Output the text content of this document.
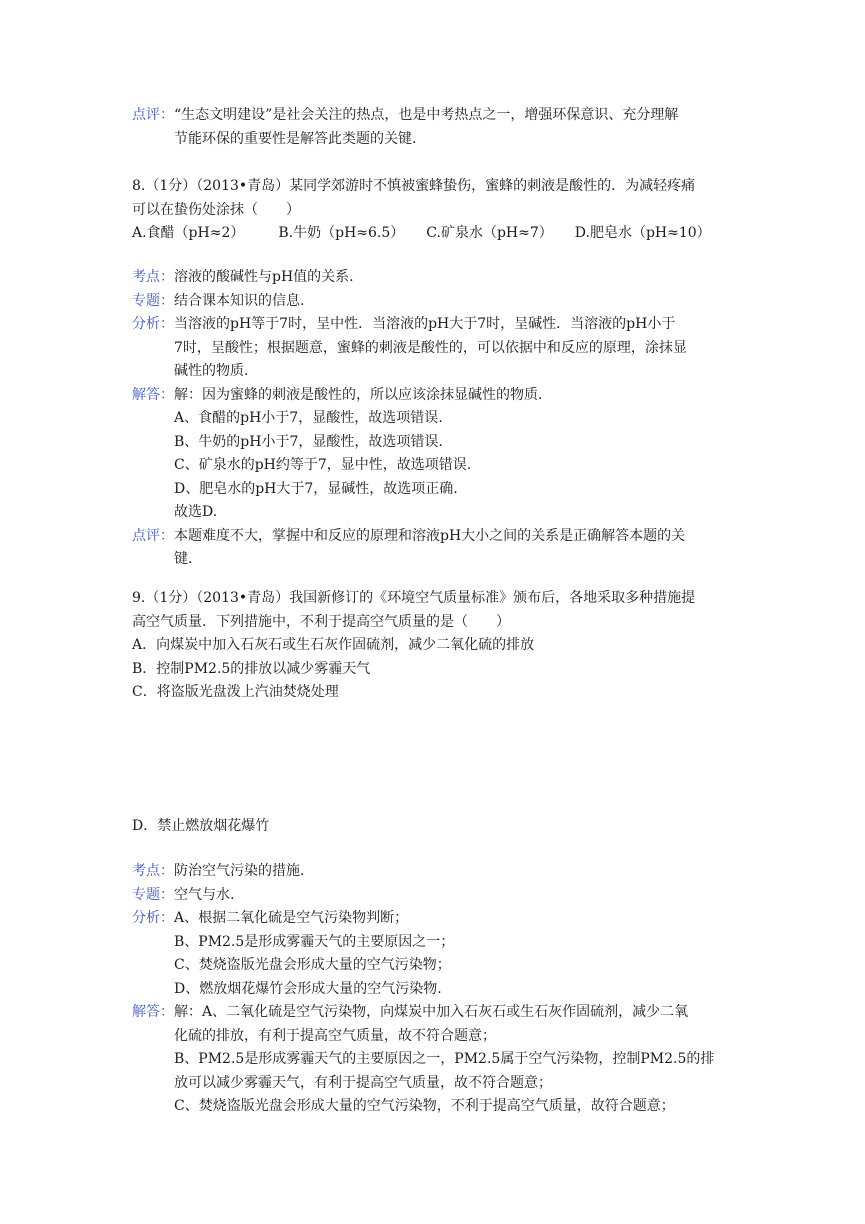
点评： “生态文明建设”是社会关注的热点，也是中考热点之一，增强环保意识、充分理解
节能环保的重要性是解答此类题的关键.
8.（1分）（2013•青岛）某同学郊游时不慎被蜜蜂蛰伤，蜜蜂的刺液是酸性的．为减轻疼痛
可以在蛰伤处涂抹（　　）
A.食醋（pH≈2） B.牛奶（pH≈6.5） C.矿泉水（pH≈7） D.肥皂水（pH≈10）
考点： 溶液的酸碱性与pH值的关系.
专题： 结合课本知识的信息.
分析： 当溶液的pH等于7时，呈中性．当溶液的pH大于7时，呈碱性．当溶液的pH小于
7时，呈酸性；根据题意，蜜蜂的刺液是酸性的，可以依据中和反应的原理，涂抹显
碱性的物质.
解答： 解：因为蜜蜂的刺液是酸性的，所以应该涂抹显碱性的物质.
A、食醋的pH小于7，显酸性，故选项错误.
B、牛奶的pH小于7，显酸性，故选项错误.
C、矿泉水的pH约等于7，显中性，故选项错误.
D、肥皂水的pH大于7，显碱性，故选项正确.
故选D.
点评： 本题难度不大，掌握中和反应的原理和溶液pH大小之间的关系是正确解答本题的关
键.
9.（1分）（2013•青岛）我国新修订的《环境空气质量标准》颁布后，各地采取多种措施提
高空气质量．下列措施中，不利于提高空气质量的是（　　）
A．向煤炭中加入石灰石或生石灰作固硫剂，减少二氧化硫的排放
B．控制PM2.5的排放以减少雾霾天气
C．将盗版光盘泼上汽油焚烧处理
D．禁止燃放烟花爆竹
考点： 防治空气污染的措施.
专题： 空气与水.
分析： A、根据二氧化硫是空气污染物判断；
B、PM2.5是形成雾霾天气的主要原因之一；
C、焚烧盗版光盘会形成大量的空气污染物；
D、燃放烟花爆竹会形成大量的空气污染物.
解答： 解：A、二氧化硫是空气污染物，向煤炭中加入石灰石或生石灰作固硫剂，减少二氧
化硫的排放，有利于提高空气质量，故不符合题意；
B、PM2.5是形成雾霾天气的主要原因之一，PM2.5属于空气污染物，控制PM2.5的排
放可以减少雾霾天气，有利于提高空气质量，故不符合题意；
C、焚烧盗版光盘会形成大量的空气污染物，不利于提高空气质量，故符合题意；
